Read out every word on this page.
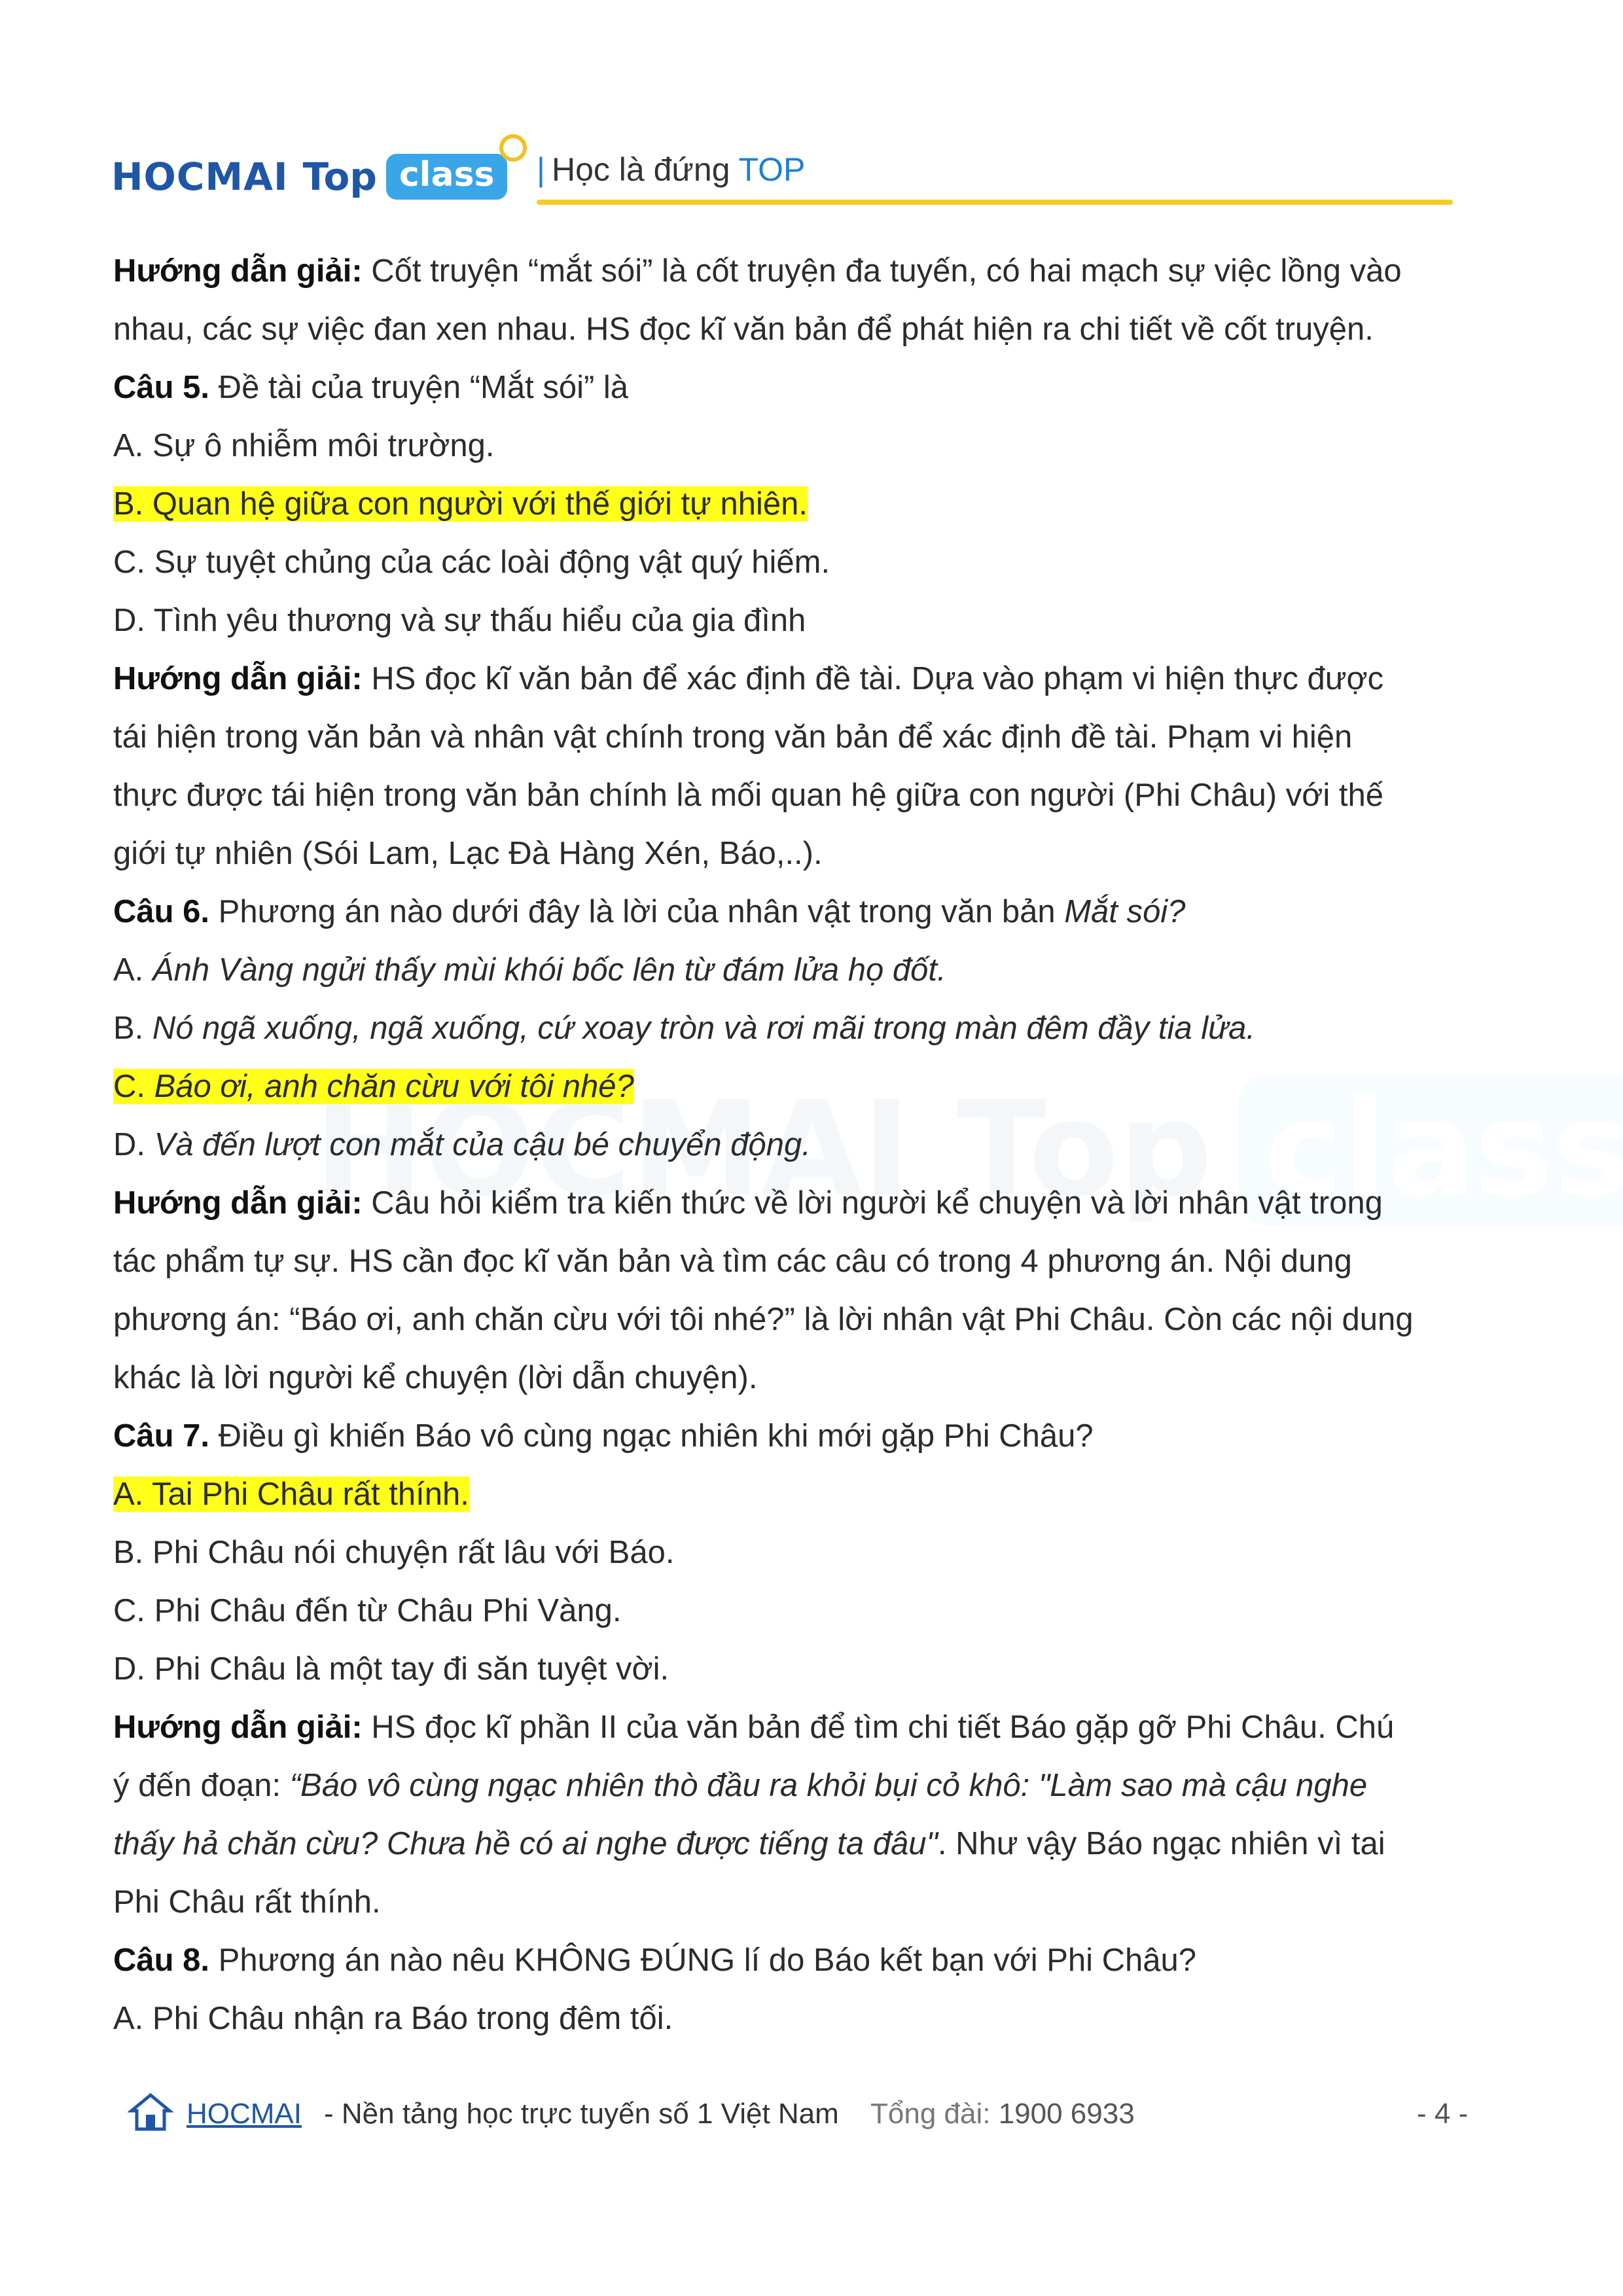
HOCMAI Top class	| Học là đứng TOP
Hướng dẫn giải: Cốt truyện “mắt sói” là cốt truyện đa tuyến, có hai mạch sự việc lồng vào
nhau, các sự việc đan xen nhau. HS đọc kĩ văn bản để phát hiện ra chi tiết về cốt truyện.
Câu 5. Đề tài của truyện “Mắt sói” là
A. Sự ô nhiễm môi trường.
B. Quan hệ giữa con người với thế giới tự nhiên.
C. Sự tuyệt chủng của các loài động vật quý hiếm.
D. Tình yêu thương và sự thấu hiểu của gia đình
Hướng dẫn giải: HS đọc kĩ văn bản để xác định đề tài. Dựa vào phạm vi hiện thực được
tái hiện trong văn bản và nhân vật chính trong văn bản để xác định đề tài. Phạm vi hiện
thực được tái hiện trong văn bản chính là mối quan hệ giữa con người (Phi Châu) với thế
giới tự nhiên (Sói Lam, Lạc Đà Hàng Xén, Báo,..).
Câu 6. Phương án nào dưới đây là lời của nhân vật trong văn bản Mắt sói?
A. Ánh Vàng ngửi thấy mùi khói bốc lên từ đám lửa họ đốt.
B. Nó ngã xuống, ngã xuống, cứ xoay tròn và rơi mãi trong màn đêm đầy tia lửa.
C. Báo ơi, anh chăn cừu với tôi nhé?
D. Và đến lượt con mắt của cậu bé chuyển động.
Hướng dẫn giải: Câu hỏi kiểm tra kiến thức về lời người kể chuyện và lời nhân vật trong
tác phẩm tự sự. HS cần đọc kĩ văn bản và tìm các câu có trong 4 phương án. Nội dung
phương án: “Báo ơi, anh chăn cừu với tôi nhé?” là lời nhân vật Phi Châu. Còn các nội dung
khác là lời người kể chuyện (lời dẫn chuyện).
Câu 7. Điều gì khiến Báo vô cùng ngạc nhiên khi mới gặp Phi Châu?
A. Tai Phi Châu rất thính.
B. Phi Châu nói chuyện rất lâu với Báo.
C. Phi Châu đến từ Châu Phi Vàng.
D. Phi Châu là một tay đi săn tuyệt vời.
Hướng dẫn giải: HS đọc kĩ phần II của văn bản để tìm chi tiết Báo gặp gỡ Phi Châu. Chú
ý đến đoạn: “Báo vô cùng ngạc nhiên thò đầu ra khỏi bụi cỏ khô: "Làm sao mà cậu nghe
thấy hả chăn cừu? Chưa hề có ai nghe được tiếng ta đâu". Như vậy Báo ngạc nhiên vì tai
Phi Châu rất thính.
Câu 8. Phương án nào nêu KHÔNG ĐÚNG lí do Báo kết bạn với Phi Châu?
A. Phi Châu nhận ra Báo trong đêm tối.
HOCMAI - Nền tảng học trực tuyến số 1 Việt Nam Tổng đài: 1900 6933	- 4 -
